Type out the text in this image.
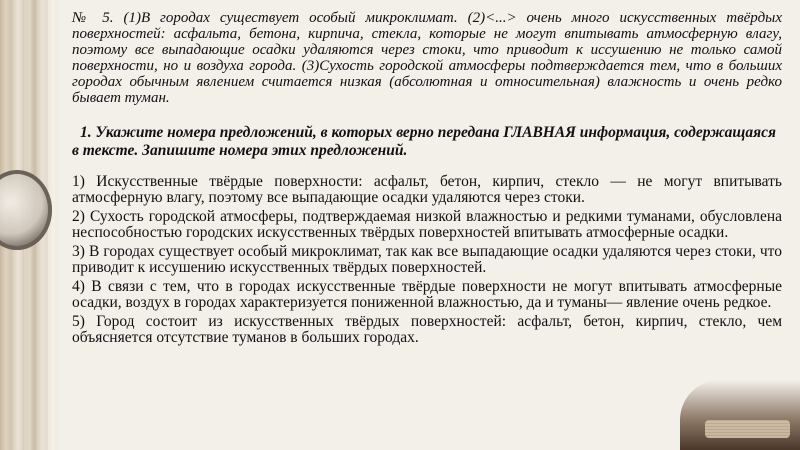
№ 5. (1)В городах существует особый микроклимат. (2)<...> очень много искусственных твёрдых поверхностей: асфальта, бетона, кирпича, стекла, которые не могут впитывать атмосферную влагу, поэтому все выпадающие осадки удаляются через стоки, что приводит к иссушению не только самой поверхности, но и воздуха города. (3)Сухость городской атмосферы подтверждается тем, что в больших городах обычным явлением считается низкая (абсолютная и относительная) влажность и очень редко бывает туман.

1. Укажите номера предложений, в которых верно передана ГЛАВНАЯ информация, содержащаяся в тексте. Запишите номера этих предложений.

1) Искусственные твёрдые поверхности: асфальт, бетон, кирпич, стекло — не могут впитывать атмосферную влагу, поэтому все выпадающие осадки удаляются через стоки.

2) Сухость городской атмосферы, подтверждаемая низкой влажностью и редкими туманами, обусловлена неспособностью городских искусственных твёрдых поверхностей впитывать атмосферные осадки.

3) В городах существует особый микроклимат, так как все выпадающие осадки удаляются через стоки, что приводит к иссушению искусственных твёрдых поверхностей.

4) В связи с тем, что в городах искусственные твёрдые поверхности не могут впитывать атмосферные осадки, воздух в городах характеризуется пониженной влажностью, да и туманы— явление очень редкое.

5) Город состоит из искусственных твёрдых поверхностей: асфальт, бетон, кирпич, стекло, чем объясняется отсутствие туманов в больших городах.
